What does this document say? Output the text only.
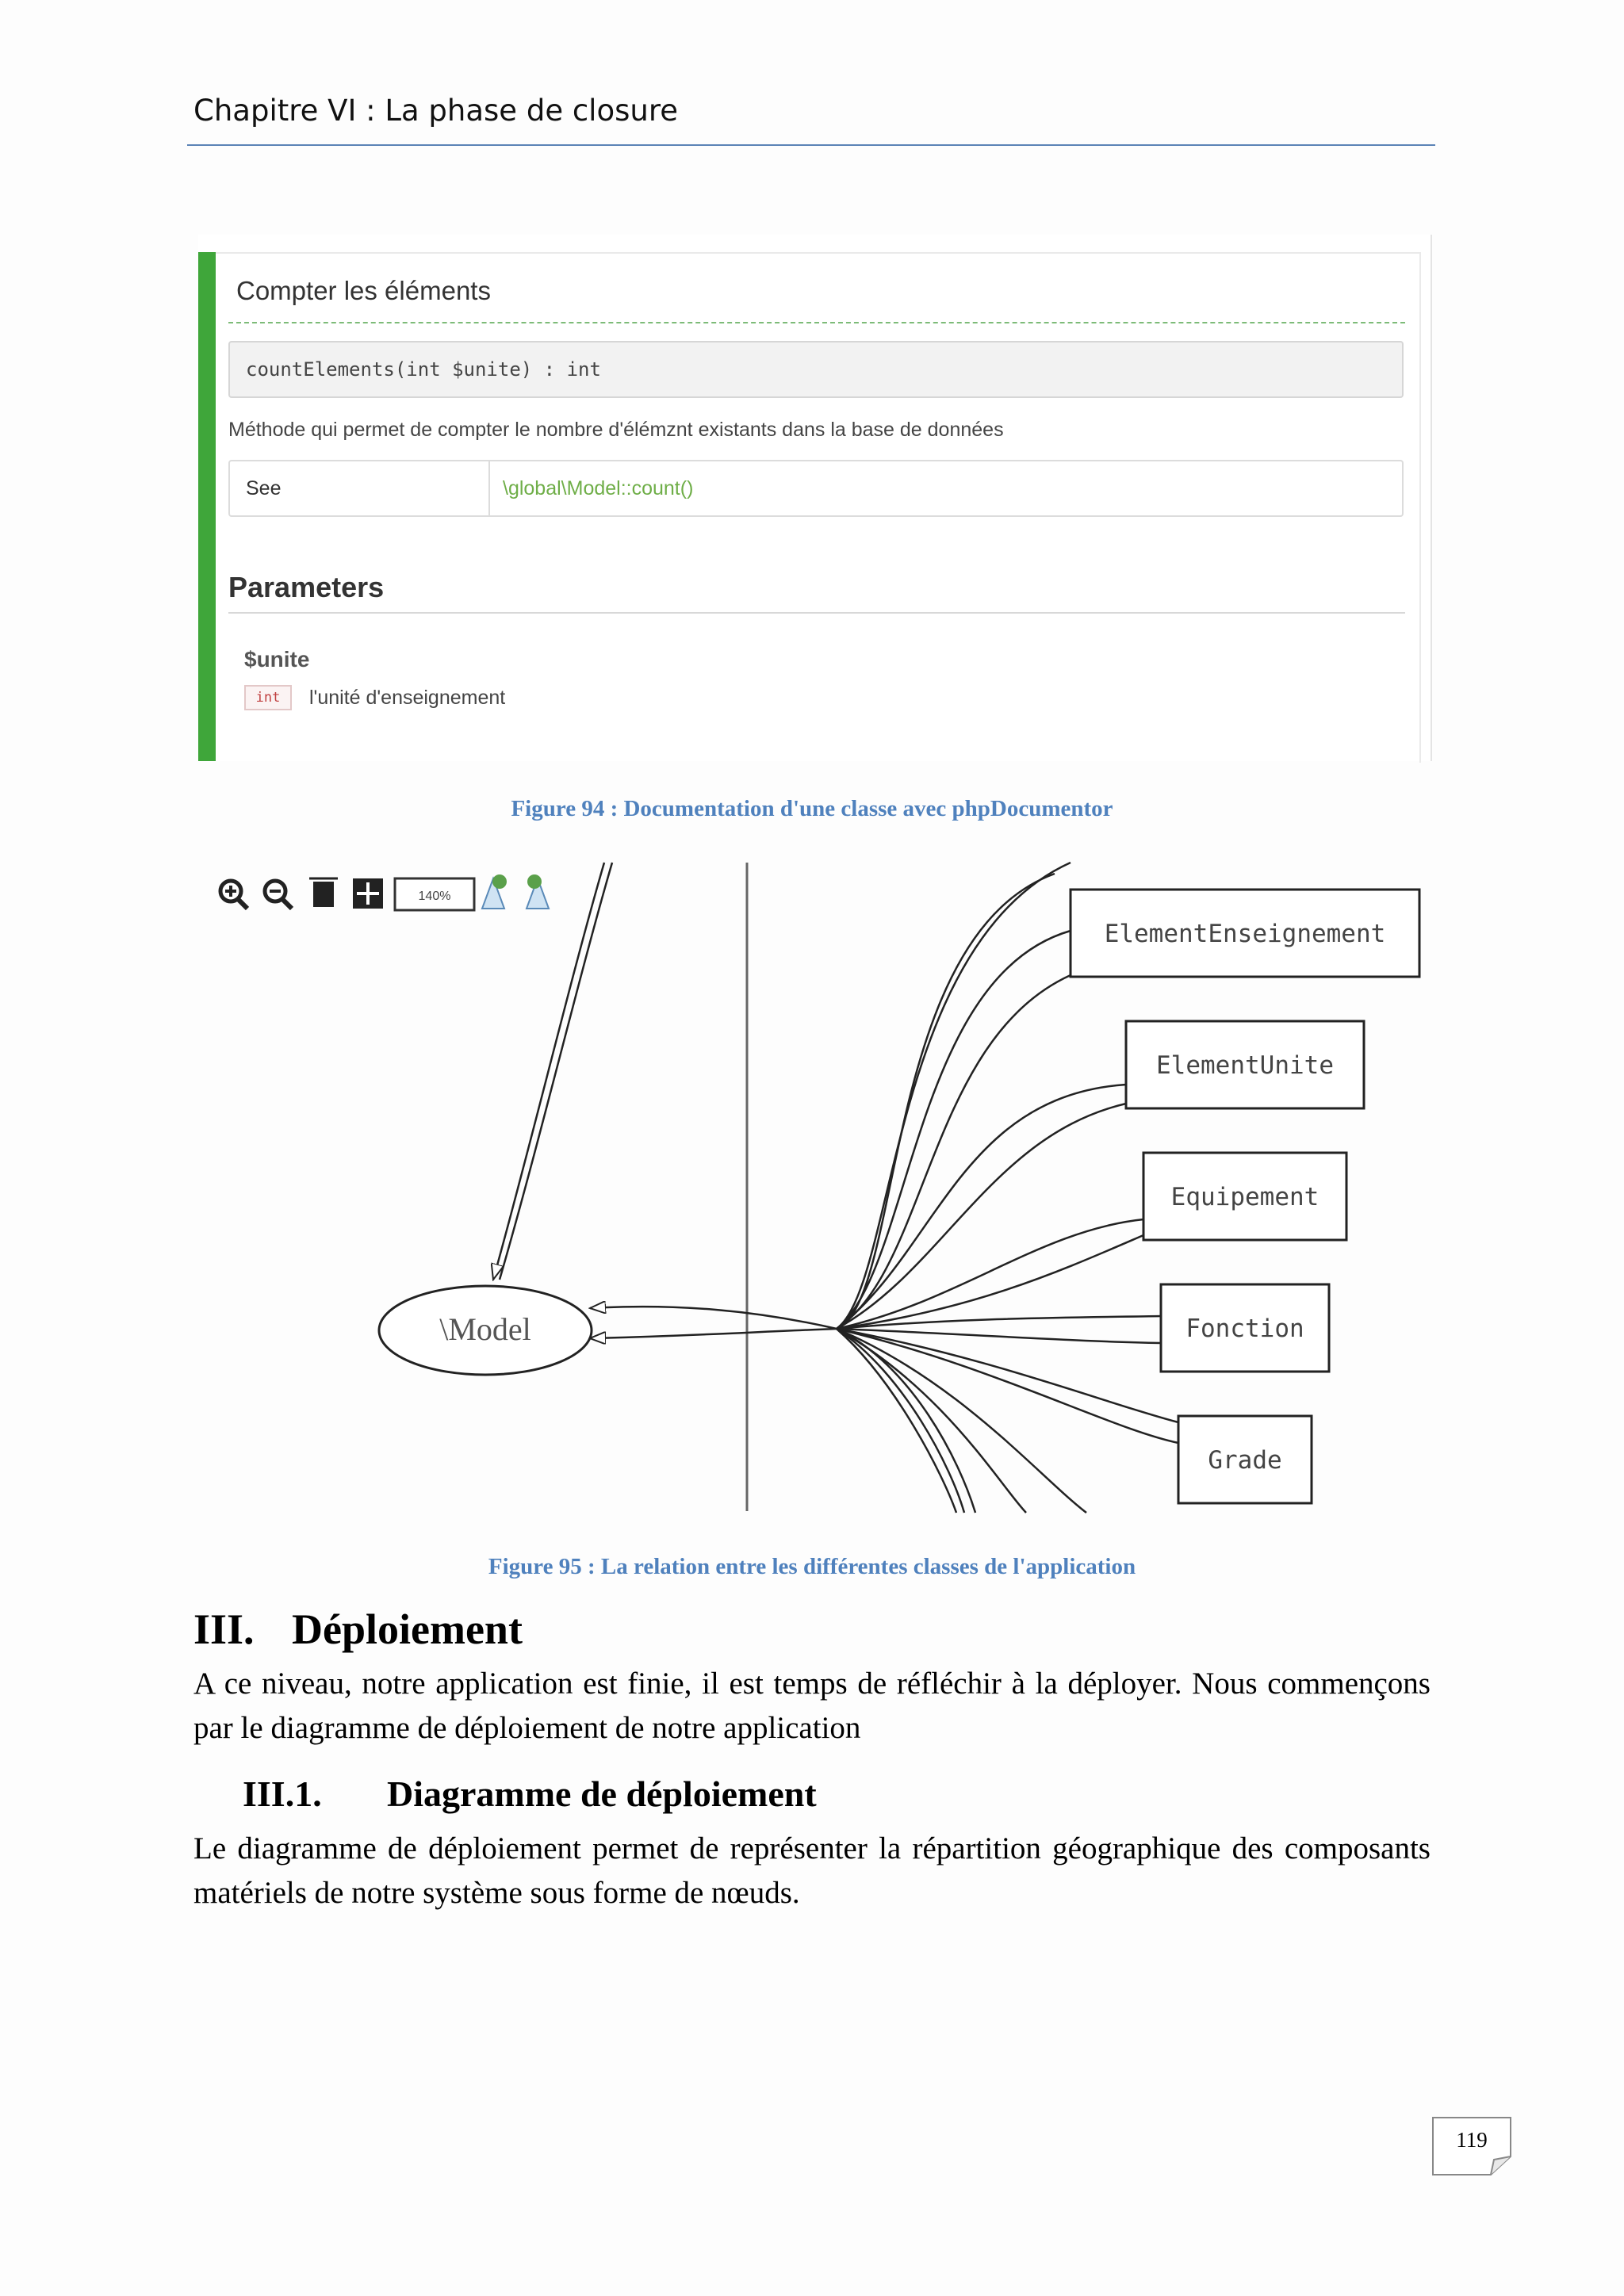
Chapitre VI : La phase de closure
Compter les éléments
countElements(int $unite) : int
Méthode qui permet de compter le nombre d'élémznt existants dans la base de données
See	\global\Model::count()
Parameters
$unite
int	l'unité d'enseignement
Figure 94 : Documentation d'une classe avec phpDocumentor
140%
\Model
ElementEnseignement
ElementUnite
Equipement
Fonction
Grade
Figure 95 : La relation entre les différentes classes de l'application
III. Déploiement
A ce niveau, notre application est finie, il est temps de réfléchir à la déployer. Nous commençons par le diagramme de déploiement de notre application
III.1. Diagramme de déploiement
Le diagramme de déploiement permet de représenter la répartition géographique des composants matériels de notre système sous forme de nœuds.
119
